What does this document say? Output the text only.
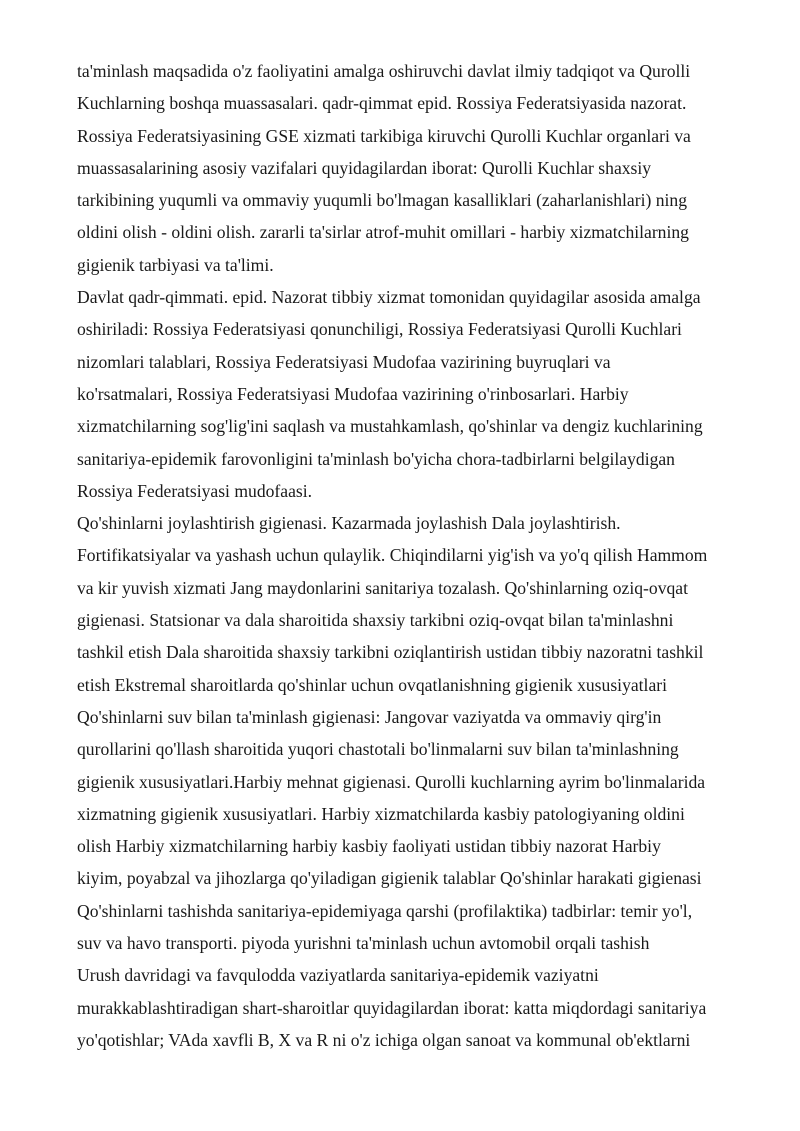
ta'minlash maqsadida o'z faoliyatini amalga oshiruvchi davlat ilmiy tadqiqot va Qurolli
Kuchlarning boshqa muassasalari. qadr-qimmat epid. Rossiya Federatsiyasida nazorat.
Rossiya Federatsiyasining GSE xizmati tarkibiga kiruvchi Qurolli Kuchlar organlari va
muassasalarining asosiy vazifalari quyidagilardan iborat: Qurolli Kuchlar shaxsiy
tarkibining yuqumli va ommaviy yuqumli bo'lmagan kasalliklari (zaharlanishlari) ning
oldini olish - oldini olish. zararli ta'sirlar atrof-muhit omillari - harbiy xizmatchilarning
gigienik tarbiyasi va ta'limi.
Davlat qadr-qimmati. epid. Nazorat tibbiy xizmat tomonidan quyidagilar asosida amalga
oshiriladi: Rossiya Federatsiyasi qonunchiligi, Rossiya Federatsiyasi Qurolli Kuchlari
nizomlari talablari, Rossiya Federatsiyasi Mudofaa vazirining buyruqlari va
ko'rsatmalari, Rossiya Federatsiyasi Mudofaa vazirining o'rinbosarlari. Harbiy
xizmatchilarning sog'lig'ini saqlash va mustahkamlash, qo'shinlar va dengiz kuchlarining
sanitariya-epidemik farovonligini ta'minlash bo'yicha chora-tadbirlarni belgilaydigan
Rossiya Federatsiyasi mudofaasi.
Qo'shinlarni joylashtirish gigienasi. Kazarmada joylashish Dala joylashtirish.
Fortifikatsiyalar va yashash uchun qulaylik. Chiqindilarni yig'ish va yo'q qilish Hammom
va kir yuvish xizmati Jang maydonlarini sanitariya tozalash. Qo'shinlarning oziq-ovqat
gigienasi. Statsionar va dala sharoitida shaxsiy tarkibni oziq-ovqat bilan ta'minlashni
tashkil etish Dala sharoitida shaxsiy tarkibni oziqlantirish ustidan tibbiy nazoratni tashkil
etish Ekstremal sharoitlarda qo'shinlar uchun ovqatlanishning gigienik xususiyatlari
Qo'shinlarni suv bilan ta'minlash gigienasi: Jangovar vaziyatda va ommaviy qirg'in
qurollarini qo'llash sharoitida yuqori chastotali bo'linmalarni suv bilan ta'minlashning
gigienik xususiyatlari.Harbiy mehnat gigienasi. Qurolli kuchlarning ayrim bo'linmalarida
xizmatning gigienik xususiyatlari. Harbiy xizmatchilarda kasbiy patologiyaning oldini
olish Harbiy xizmatchilarning harbiy kasbiy faoliyati ustidan tibbiy nazorat Harbiy
kiyim, poyabzal va jihozlarga qo'yiladigan gigienik talablar Qo'shinlar harakati gigienasi
Qo'shinlarni tashishda sanitariya-epidemiyaga qarshi (profilaktika) tadbirlar: temir yo'l,
suv va havo transporti. piyoda yurishni ta'minlash uchun avtomobil orqali tashish
Urush davridagi va favqulodda vaziyatlarda sanitariya-epidemik vaziyatni
murakkablashtiradigan shart-sharoitlar quyidagilardan iborat: katta miqdordagi sanitariya
yo'qotishlar; VAda xavfli B, X va R ni o'z ichiga olgan sanoat va kommunal ob'ektlarni
